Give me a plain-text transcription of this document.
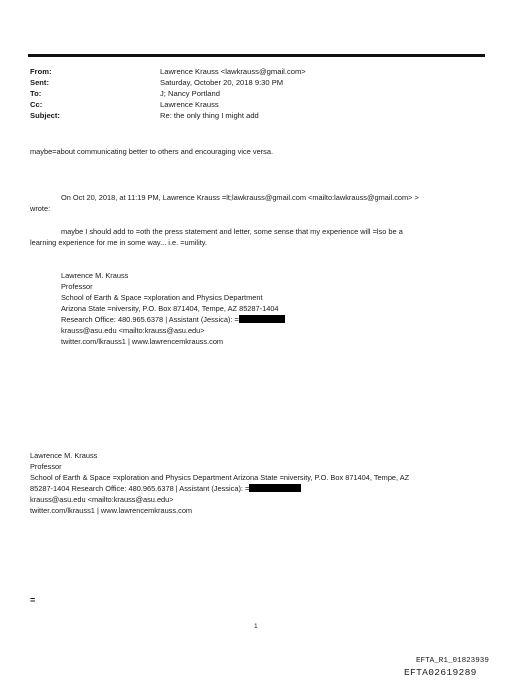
From:	Lawrence Krauss <lawkrauss@gmail.com>
Sent:	Saturday, October 20, 2018 9:30 PM
To:	J; Nancy Portland
Cc:	Lawrence Krauss
Subject:	Re: the only thing I might add
maybe=about communicating better to others and encouraging vice versa.
On Oct 20, 2018, at 11:19 PM, Lawrence Krauss =lt;lawkrauss@gmail.com <mailto:lawkrauss@gmail.com> >
wrote:
maybe I should add to =oth the press statement and letter, some sense that my experience will =lso be a
learning experience for me in some way... i.e. =umility.
Lawrence M. Krauss
Professor
School of Earth & Space =xploration and Physics Department
Arizona State =niversity, P.O. Box 871404, Tempe, AZ 85287-1404
Research Office: 480.965.6378 | Assistant (Jessica): =
krauss@asu.edu <mailto:krauss@asu.edu>
twitter.com/lkrauss1 | www.lawrencemkrauss.com
Lawrence M. Krauss
Professor
School of Earth & Space =xploration and Physics Department Arizona State =niversity, P.O. Box 871404, Tempe, AZ
85287-1404 Research Office: 480.965.6378 | Assistant (Jessica): =
krauss@asu.edu <mailto:krauss@asu.edu>
twitter.com/lkrauss1 | www.lawrencemkrauss.com
=
1
EFTA_R1_01823939
EFTA02619289
